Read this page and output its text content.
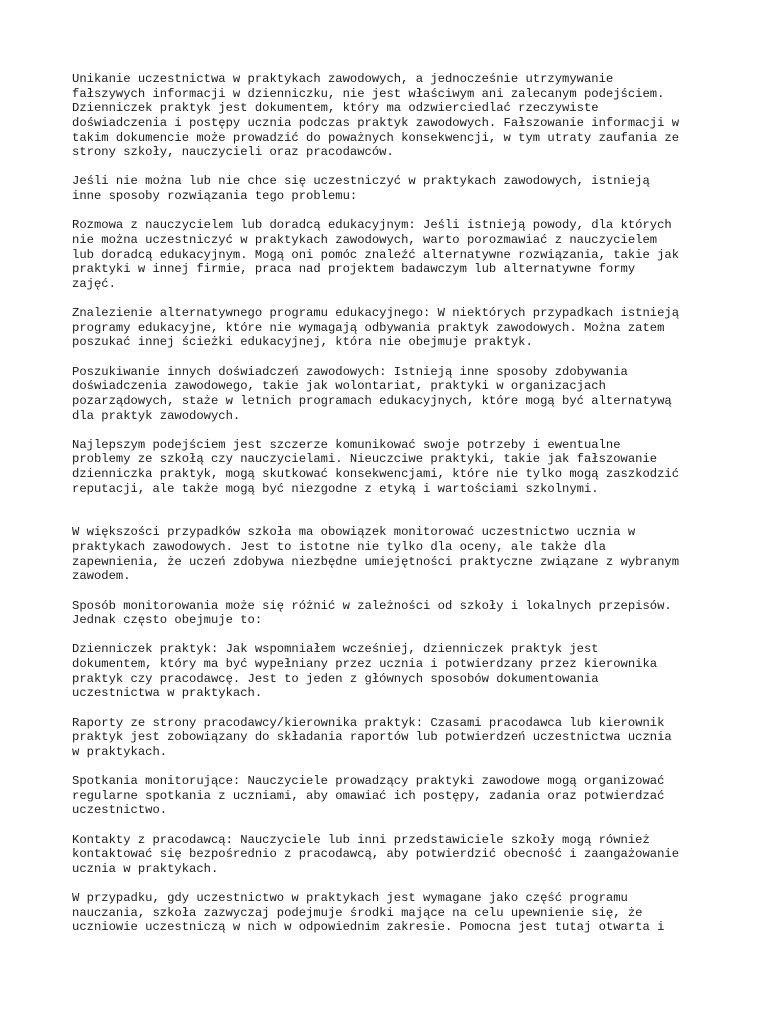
Unikanie uczestnictwa w praktykach zawodowych, a jednocześnie utrzymywanie
fałszywych informacji w dzienniczku, nie jest właściwym ani zalecanym podejściem.
Dzienniczek praktyk jest dokumentem, który ma odzwierciedlać rzeczywiste
doświadczenia i postępy ucznia podczas praktyk zawodowych. Fałszowanie informacji w
takim dokumencie może prowadzić do poważnych konsekwencji, w tym utraty zaufania ze
strony szkoły, nauczycieli oraz pracodawców.
Jeśli nie można lub nie chce się uczestniczyć w praktykach zawodowych, istnieją
inne sposoby rozwiązania tego problemu:
Rozmowa z nauczycielem lub doradcą edukacyjnym: Jeśli istnieją powody, dla których
nie można uczestniczyć w praktykach zawodowych, warto porozmawiać z nauczycielem
lub doradcą edukacyjnym. Mogą oni pomóc znaleźć alternatywne rozwiązania, takie jak
praktyki w innej firmie, praca nad projektem badawczym lub alternatywne formy
zajęć.
Znalezienie alternatywnego programu edukacyjnego: W niektórych przypadkach istnieją
programy edukacyjne, które nie wymagają odbywania praktyk zawodowych. Można zatem
poszukać innej ścieżki edukacyjnej, która nie obejmuje praktyk.
Poszukiwanie innych doświadczeń zawodowych: Istnieją inne sposoby zdobywania
doświadczenia zawodowego, takie jak wolontariat, praktyki w organizacjach
pozarządowych, staże w letnich programach edukacyjnych, które mogą być alternatywą
dla praktyk zawodowych.
Najlepszym podejściem jest szczerze komunikować swoje potrzeby i ewentualne
problemy ze szkołą czy nauczycielami. Nieuczciwe praktyki, takie jak fałszowanie
dzienniczka praktyk, mogą skutkować konsekwencjami, które nie tylko mogą zaszkodzić
reputacji, ale także mogą być niezgodne z etyką i wartościami szkolnymi.
W większości przypadków szkoła ma obowiązek monitorować uczestnictwo ucznia w
praktykach zawodowych. Jest to istotne nie tylko dla oceny, ale także dla
zapewnienia, że uczeń zdobywa niezbędne umiejętności praktyczne związane z wybranym
zawodem.
Sposób monitorowania może się różnić w zależności od szkoły i lokalnych przepisów.
Jednak często obejmuje to:
Dzienniczek praktyk: Jak wspomniałem wcześniej, dzienniczek praktyk jest
dokumentem, który ma być wypełniany przez ucznia i potwierdzany przez kierownika
praktyk czy pracodawcę. Jest to jeden z głównych sposobów dokumentowania
uczestnictwa w praktykach.
Raporty ze strony pracodawcy/kierownika praktyk: Czasami pracodawca lub kierownik
praktyk jest zobowiązany do składania raportów lub potwierdzeń uczestnictwa ucznia
w praktykach.
Spotkania monitorujące: Nauczyciele prowadzący praktyki zawodowe mogą organizować
regularne spotkania z uczniami, aby omawiać ich postępy, zadania oraz potwierdzać
uczestnictwo.
Kontakty z pracodawcą: Nauczyciele lub inni przedstawiciele szkoły mogą również
kontaktować się bezpośrednio z pracodawcą, aby potwierdzić obecność i zaangażowanie
ucznia w praktykach.
W przypadku, gdy uczestnictwo w praktykach jest wymagane jako część programu
nauczania, szkoła zazwyczaj podejmuje środki mające na celu upewnienie się, że
uczniowie uczestniczą w nich w odpowiednim zakresie. Pomocna jest tutaj otwarta i
